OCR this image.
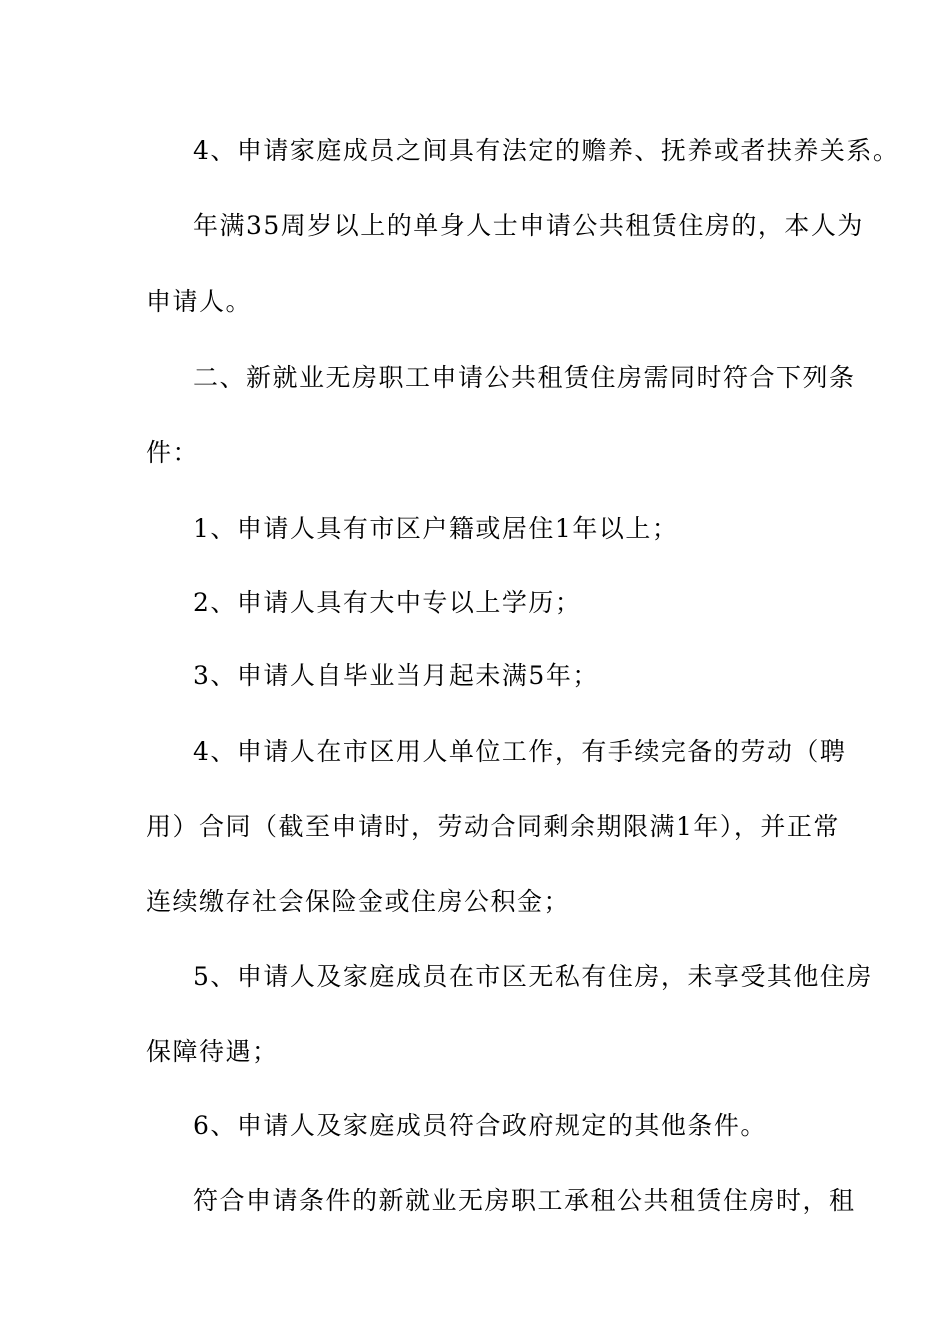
4、申请家庭成员之间具有法定的赡养、抚养或者扶养关系。
年满35周岁以上的单身人士申请公共租赁住房的，本人为
申请人。
二、新就业无房职工申请公共租赁住房需同时符合下列条
件：
1、申请人具有市区户籍或居住1年以上；
2、申请人具有大中专以上学历；
3、申请人自毕业当月起未满5年；
4、申请人在市区用人单位工作，有手续完备的劳动（聘
用）合同（截至申请时，劳动合同剩余期限满1年），并正常
连续缴存社会保险金或住房公积金；
5、申请人及家庭成员在市区无私有住房，未享受其他住房
保障待遇；
6、申请人及家庭成员符合政府规定的其他条件。
符合申请条件的新就业无房职工承租公共租赁住房时，租
